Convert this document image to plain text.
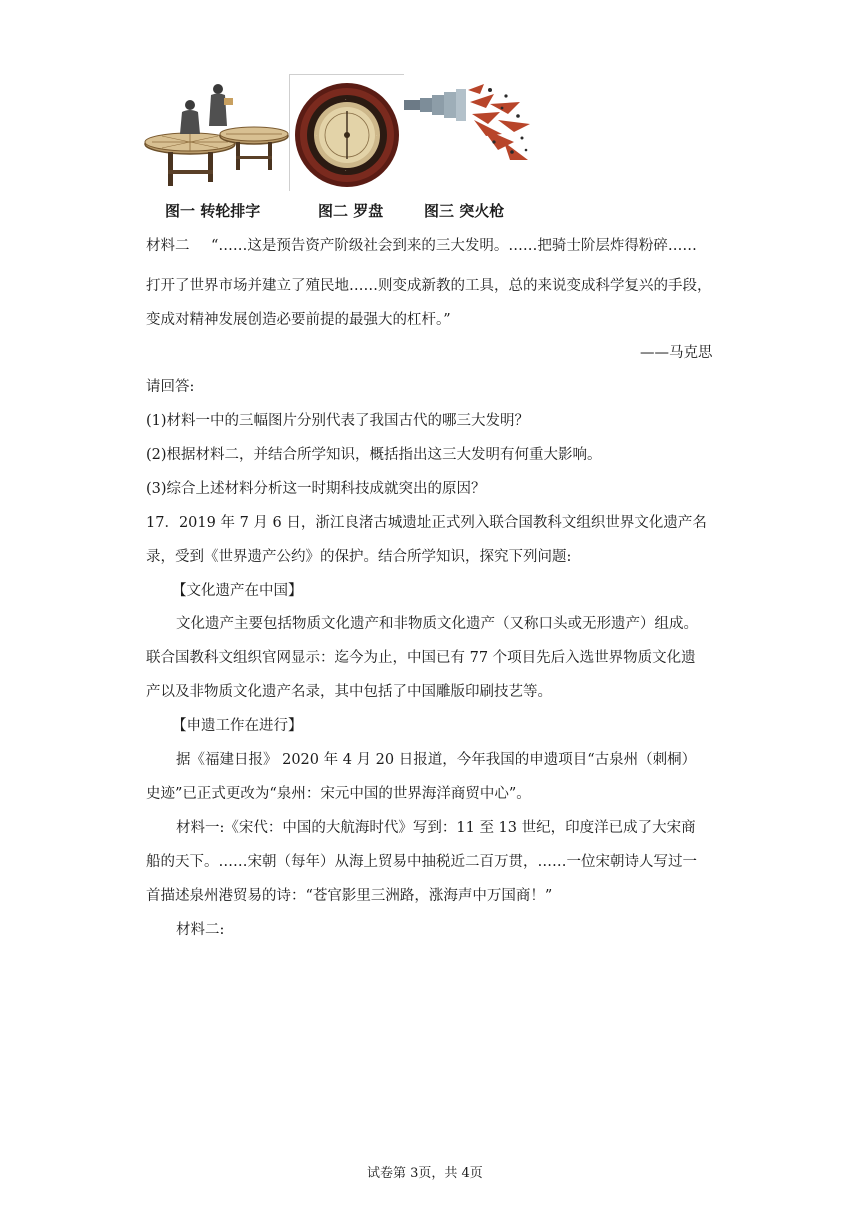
·
·	·
·
图一 转轮排字	图二 罗盘	图三 突火枪
材料二 “……这是预告资产阶级社会到来的三大发明。……把骑士阶层炸得粉碎……
打开了世界市场并建立了殖民地……则变成新教的工具，总的来说变成科学复兴的手段，
变成对精神发展创造必要前提的最强大的杠杆。”
——马克思
请回答:
(1)材料一中的三幅图片分别代表了我国古代的哪三大发明？
(2)根据材料二，并结合所学知识，概括指出这三大发明有何重大影响。
(3)综合上述材料分析这一时期科技成就突出的原因？
17．2019 年 7 月 6 日，浙江良渚古城遗址正式列入联合国教科文组织世界文化遗产名
录，受到《世界遗产公约》的保护。结合所学知识，探究下列问题:
【文化遗产在中国】
文化遗产主要包括物质文化遗产和非物质文化遗产（又称口头或无形遗产）组成。
联合国教科文组织官网显示：迄今为止，中国已有 77 个项目先后入选世界物质文化遗
产以及非物质文化遗产名录，其中包括了中国雕版印刷技艺等。
【申遗工作在进行】
据《福建日报》 2020 年 4 月 20 日报道，今年我国的申遗项目“古泉州（刺桐）
史迹”已正式更改为“泉州：宋元中国的世界海洋商贸中心”。
材料一:《宋代：中国的大航海时代》写到：11 至 13 世纪，印度洋已成了大宋商
船的天下。……宋朝（每年）从海上贸易中抽税近二百万贯，……一位宋朝诗人写过一
首描述泉州港贸易的诗：“苍官影里三洲路，涨海声中万国商！”
材料二:
试卷第 3页，共 4页
